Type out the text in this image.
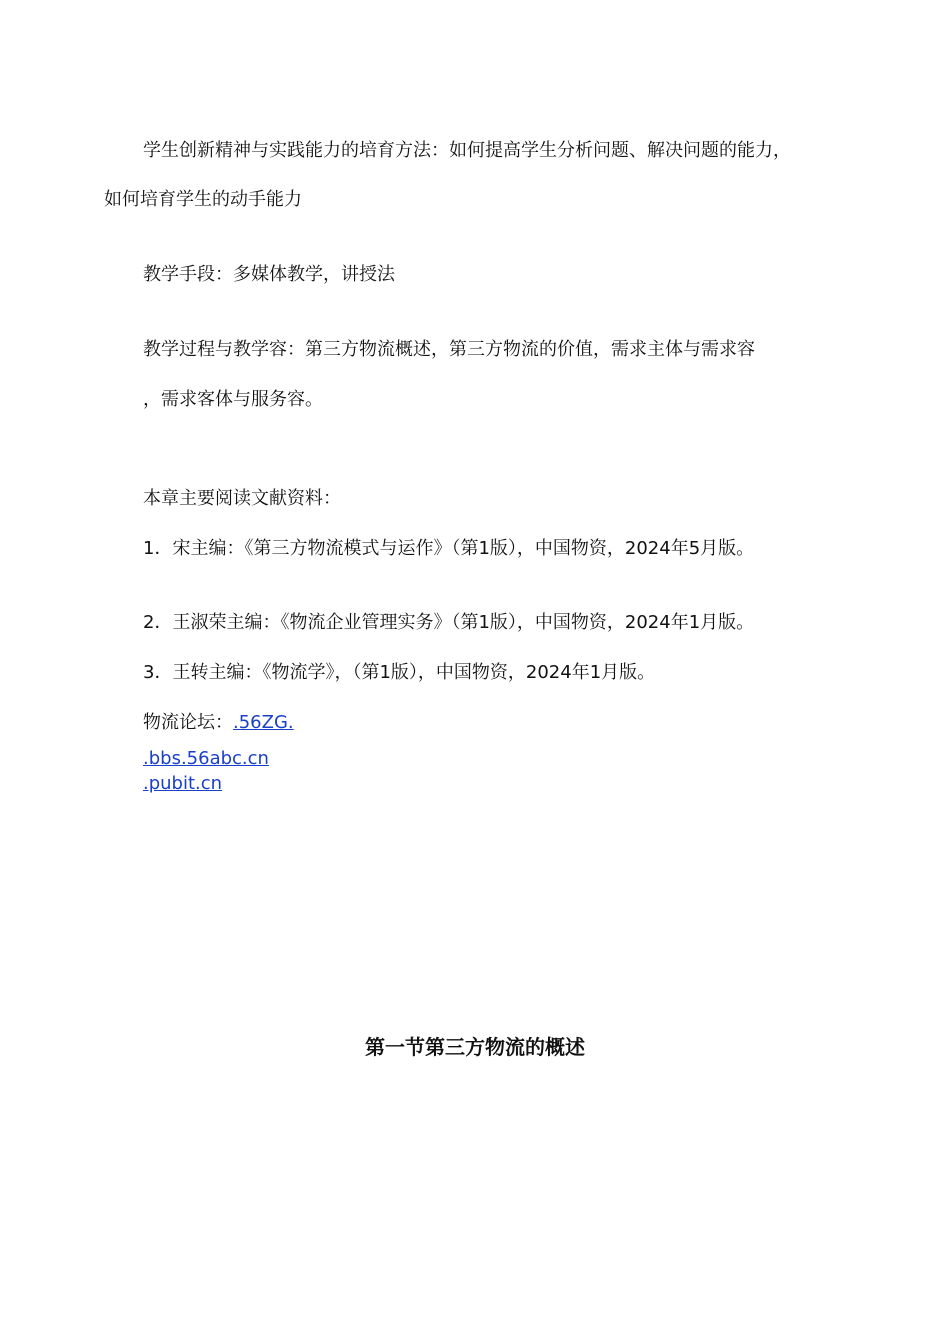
学生创新精神与实践能力的培育方法：如何提高学生分析问题、解决问题的能力，
如何培育学生的动手能力
教学手段：多媒体教学，讲授法
教学过程与教学容：第三方物流概述，第三方物流的价值，需求主体与需求容
，需求客体与服务容。
本章主要阅读文献资料：
1．宋主编：《第三方物流模式与运作》（第1版），中国物资，2024年5月版。
2．王淑荣主编：《物流企业管理实务》（第1版），中国物资，2024年1月版。
3．王转主编：《物流学》，（第1版），中国物资，2024年1月版。
物流论坛：.56ZG.
.bbs.56abc.cn
.pubit.cn
第一节第三方物流的概述
